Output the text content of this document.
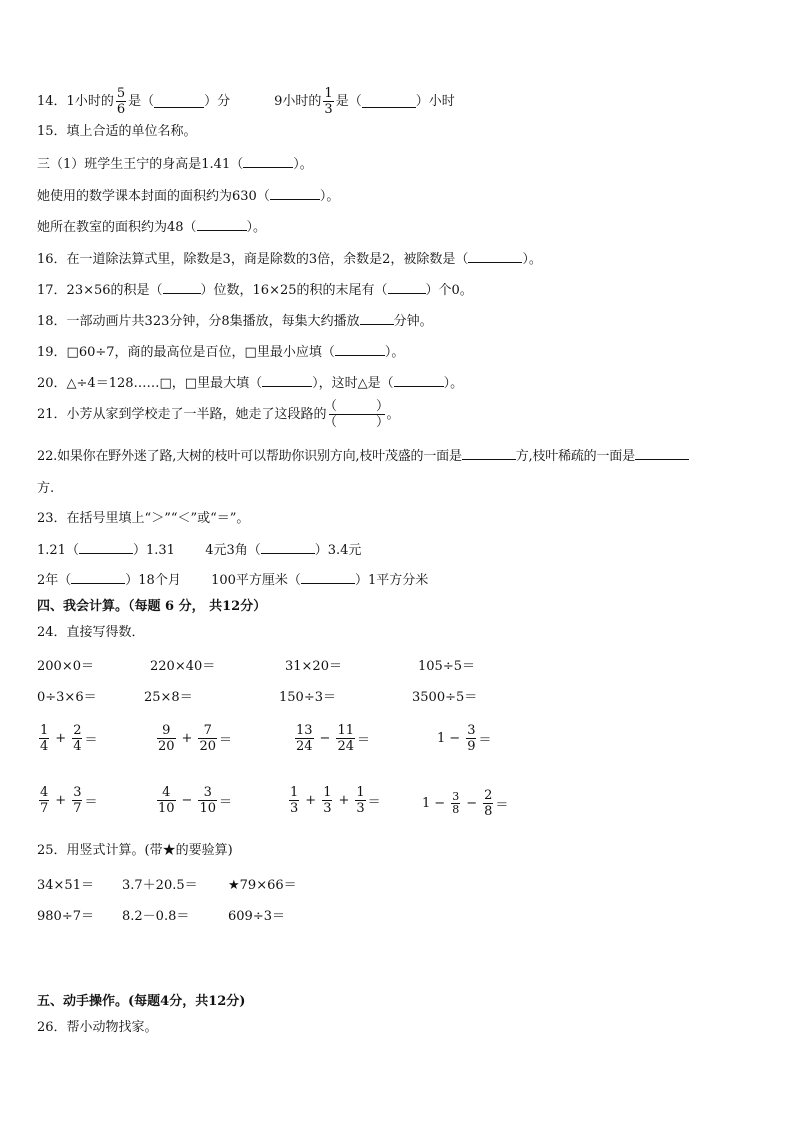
14． 1小时的 $\frac{5}{6}$ 是（	）分	9小时的 $\frac{1}{3}$ 是（	）小时
15．填上合适的单位名称。
三（1）班学生王宁的身高是1.41（	）。
她使用的数学课本封面的面积约为630（	）。
她所在教室的面积约为48（	）。
16．在一道除法算式里，除数是3，商是除数的3倍，余数是2，被除数是（	）。
17．23×56的积是（	）位数，16×25的积的末尾有（	）个0。
18．一部动画片共323分钟，分8集播放，每集大约播放	分钟。
19．□60÷7，商的最高位是百位，□里最小应填（	）。
20．△÷4＝128……□，□里最大填（	），这时△是（	）。
21．小芳从家到学校走了一半路，她走了这段路的 $\frac{( )}{( )}$ 。
22.如果你在野外迷了路,大树的枝叶可以帮助你识别方向,枝叶茂盛的一面是	方,枝叶稀疏的一面是
方.
23．在括号里填上“＞”“＜”或“＝”。
1.21（	）1.31 4元3角（	）3.4元
2年（	）18个月 100平方厘米（	）1平方分米
四、我会计算。（每题 6 分， 共12分）
24．直接写得数．
200×0＝	220×40＝	31×20＝	105÷5＝
0÷3×6＝	25×8＝	150÷3＝	3500÷5＝
$\frac{1}{4} + \frac{2}{4}$ ＝	$\frac{9}{20} + \frac{7}{20}$ ＝	$\frac{13}{24} - \frac{11}{24}$ ＝	$1 - \frac{3}{9}$ ＝
$\frac{4}{7} + \frac{3}{7}$ ＝	$\frac{4}{10} - \frac{3}{10}$ ＝	$\frac{1}{3} + \frac{1}{3} + \frac{1}{3}$ ＝	$1 - \frac{3}{8} - \frac{2}{8}$ ＝
25．用竖式计算。(带★的要验算)
34×51＝ 3.7＋20.5＝ ★79×66＝
980÷7＝ 8.2－0.8＝	609÷3＝
五、动手操作。(每题4分，共12分)
26．帮小动物找家。
